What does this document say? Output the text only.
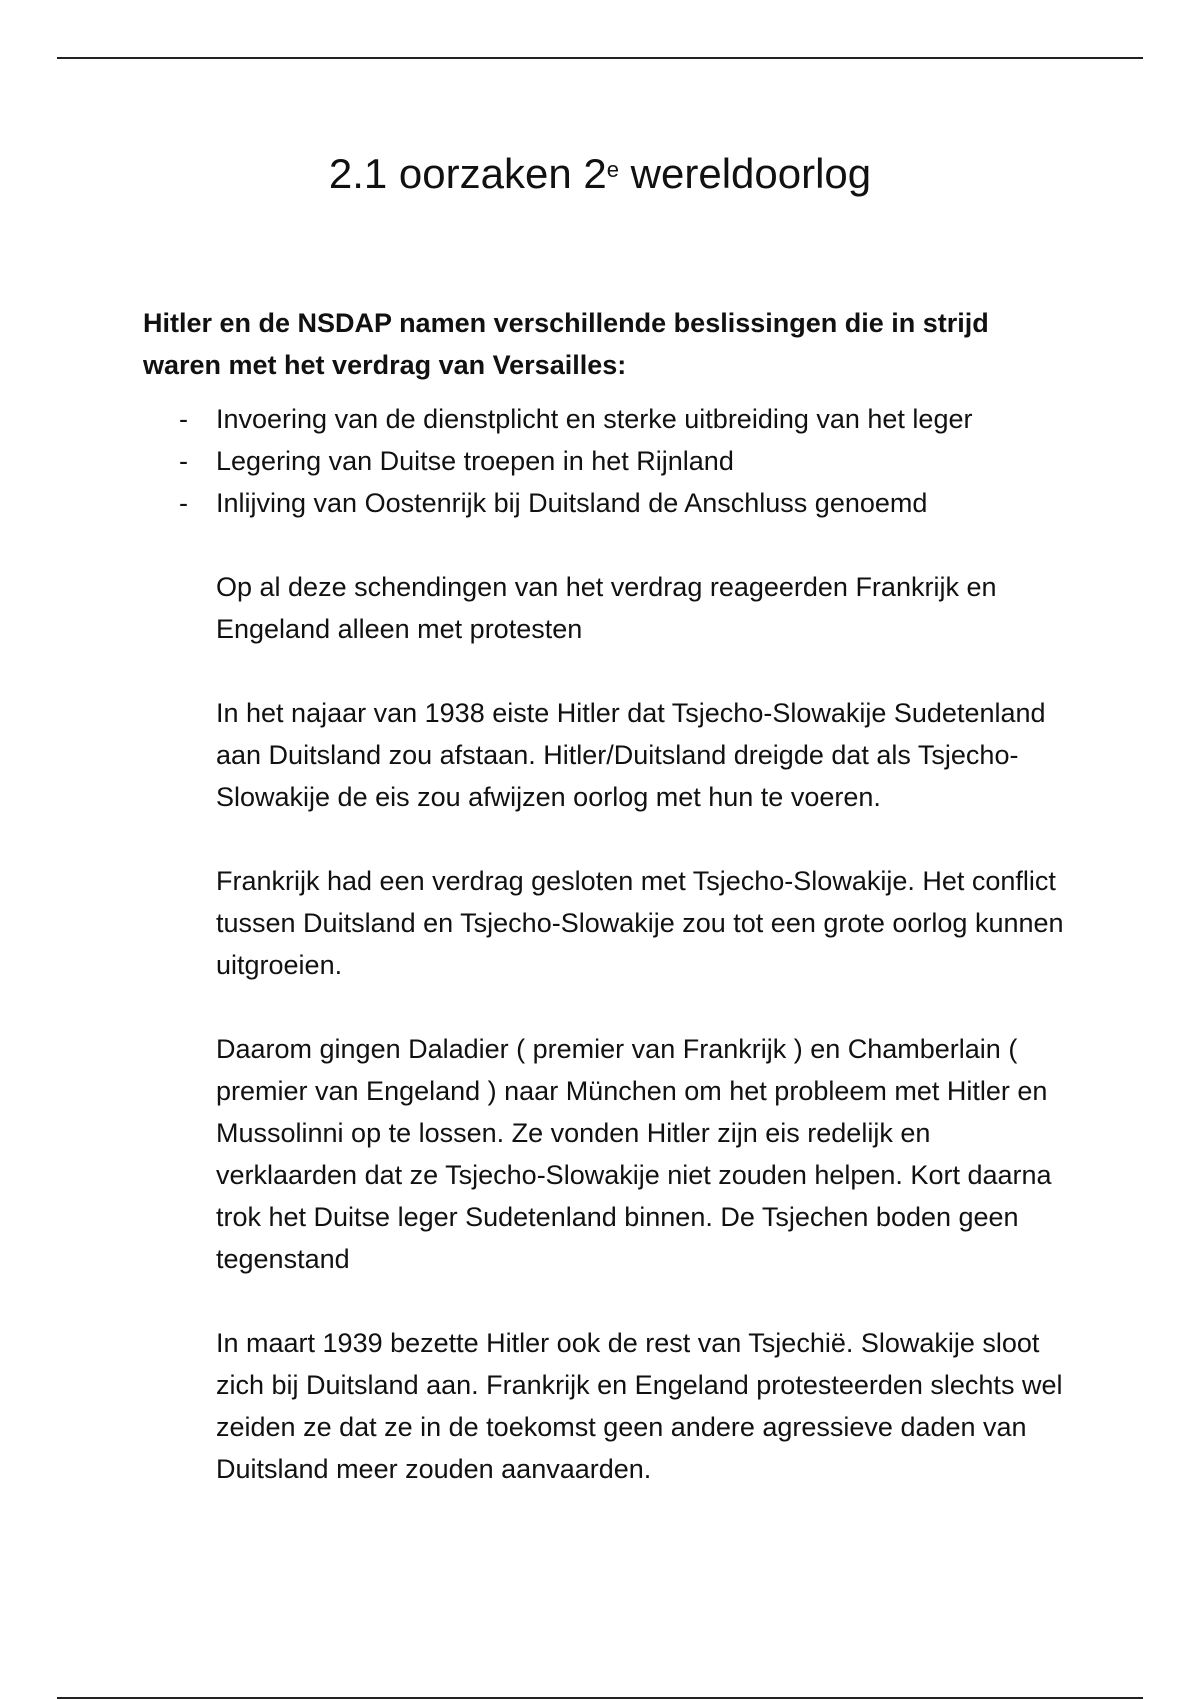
2.1 oorzaken 2e wereldoorlog

Hitler en de NSDAP namen verschillende beslissingen die in strijd waren met het verdrag van Versailles:

- Invoering van de dienstplicht en sterke uitbreiding van het leger
- Legering van Duitse troepen in het Rijnland
- Inlijving van Oostenrijk bij Duitsland de Anschluss genoemd

Op al deze schendingen van het verdrag reageerden Frankrijk en Engeland alleen met protesten

In het najaar van 1938 eiste Hitler dat Tsjecho-Slowakije Sudetenland aan Duitsland zou afstaan. Hitler/Duitsland dreigde dat als Tsjecho-Slowakije de eis zou afwijzen oorlog met hun te voeren.

Frankrijk had een verdrag gesloten met Tsjecho-Slowakije. Het conflict tussen Duitsland en Tsjecho-Slowakije zou tot een grote oorlog kunnen uitgroeien.

Daarom gingen Daladier ( premier van Frankrijk ) en Chamberlain ( premier van Engeland ) naar München om het probleem met Hitler en Mussolinni op te lossen. Ze vonden Hitler zijn eis redelijk en verklaarden dat ze Tsjecho-Slowakije niet zouden helpen. Kort daarna trok het Duitse leger Sudetenland binnen. De Tsjechen boden geen tegenstand

In maart 1939 bezette Hitler ook de rest van Tsjechië. Slowakije sloot zich bij Duitsland aan. Frankrijk en Engeland protesteerden slechts wel zeiden ze dat ze in de toekomst geen andere agressieve daden van Duitsland meer zouden aanvaarden.
